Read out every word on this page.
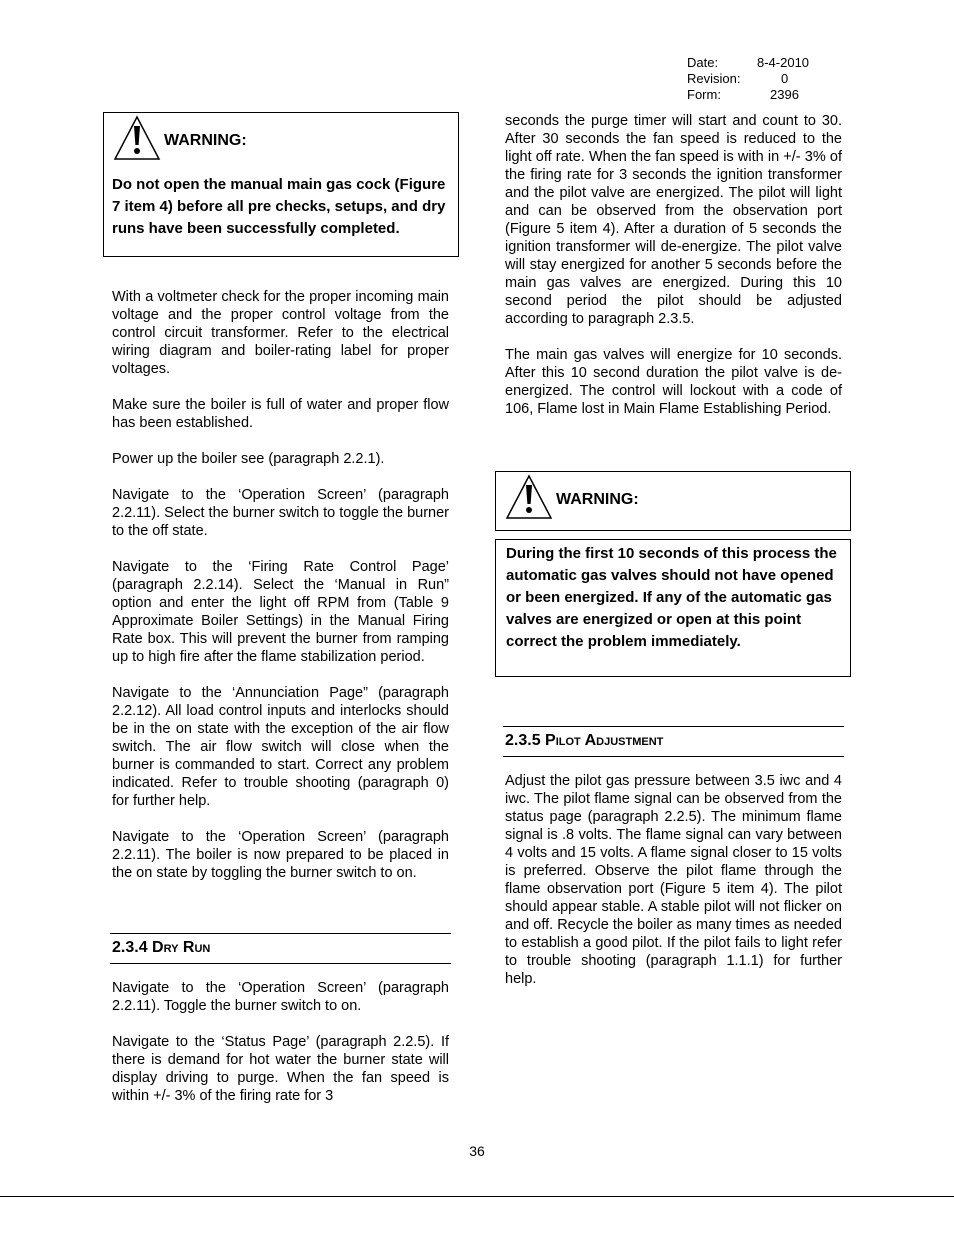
Date:	8-4-2010
Revision:	0
Form:	2396
WARNING:
Do not open the manual main gas cock (Figure 7 item 4) before all pre checks, setups, and dry runs have been successfully completed.

With a voltmeter check for the proper incoming main voltage and the proper control voltage from the control circuit transformer. Refer to the electrical wiring diagram and boiler-rating label for proper voltages.

Make sure the boiler is full of water and proper flow has been established.

Power up the boiler see (paragraph 2.2.1).

Navigate to the ‘Operation Screen’ (paragraph 2.2.11). Select the burner switch to toggle the burner to the off state.

Navigate to the ‘Firing Rate Control Page’ (paragraph 2.2.14). Select the ‘Manual in Run” option and enter the light off RPM from (Table 9 Approximate Boiler Settings) in the Manual Firing Rate box. This will prevent the burner from ramping up to high fire after the flame stabilization period.

Navigate to the ‘Annunciation Page” (paragraph 2.2.12). All load control inputs and interlocks should be in the on state with the exception of the air flow switch. The air flow switch will close when the burner is commanded to start. Correct any problem indicated. Refer to trouble shooting (paragraph 0) for further help.

Navigate to the ‘Operation Screen’ (paragraph 2.2.11). The boiler is now prepared to be placed in the on state by toggling the burner switch to on.

2.3.4 Dry Run

Navigate to the ‘Operation Screen’ (paragraph 2.2.11). Toggle the burner switch to on.

Navigate to the ‘Status Page’ (paragraph 2.2.5). If there is demand for hot water the burner state will display driving to purge. When the fan speed is within +/- 3% of the firing rate for 3

seconds the purge timer will start and count to 30. After 30 seconds the fan speed is reduced to the light off rate. When the fan speed is with in +/- 3% of the firing rate for 3 seconds the ignition transformer and the pilot valve are energized. The pilot will light and can be observed from the observation port (Figure 5 item 4). After a duration of 5 seconds the ignition transformer will de-energize. The pilot valve will stay energized for another 5 seconds before the main gas valves are energized. During this 10 second period the pilot should be adjusted according to paragraph 2.3.5.

The main gas valves will energize for 10 seconds. After this 10 second duration the pilot valve is de-energized. The control will lockout with a code of 106, Flame lost in Main Flame Establishing Period.

WARNING:
During the first 10 seconds of this process the automatic gas valves should not have opened or been energized. If any of the automatic gas valves are energized or open at this point correct the problem immediately.
2.3.5 Pilot Adjustment

Adjust the pilot gas pressure between 3.5 iwc and 4 iwc. The pilot flame signal can be observed from the status page (paragraph 2.2.5). The minimum flame signal is .8 volts. The flame signal can vary between 4 volts and 15 volts. A flame signal closer to 15 volts is preferred. Observe the pilot flame through the flame observation port (Figure 5 item 4). The pilot should appear stable. A stable pilot will not flicker on and off. Recycle the boiler as many times as needed to establish a good pilot. If the pilot fails to light refer to trouble shooting (paragraph 1.1.1) for further help.

36
